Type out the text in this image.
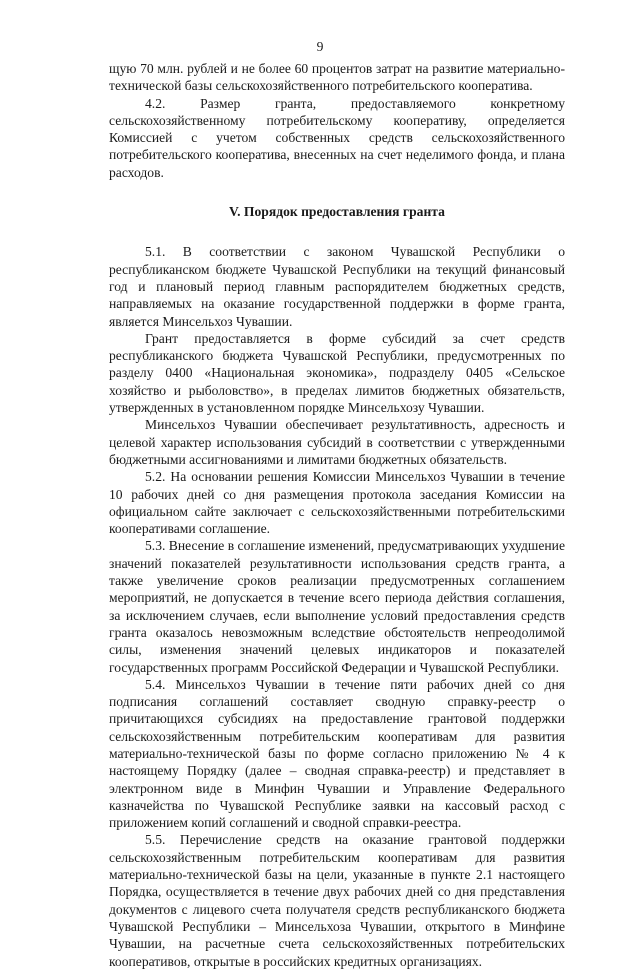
9

щую 70 млн. рублей и не более 60 процентов затрат на развитие материально-технической базы сельскохозяйственного потребительского кооператива.

4.2. Размер гранта, предоставляемого конкретному сельскохозяйственному потребительскому кооперативу, определяется Комиссией с учетом собственных средств сельскохозяйственного потребительского кооператива, внесенных на счет неделимого фонда, и плана расходов.

V. Порядок предоставления гранта

5.1. В соответствии с законом Чувашской Республики о республиканском бюджете Чувашской Республики на текущий финансовый год и плановый период главным распорядителем бюджетных средств, направляемых на оказание государственной поддержки в форме гранта, является Минсельхоз Чувашии.

Грант предоставляется в форме субсидий за счет средств республиканского бюджета Чувашской Республики, предусмотренных по разделу 0400 «Национальная экономика», подразделу 0405 «Сельское хозяйство и рыболовство», в пределах лимитов бюджетных обязательств, утвержденных в установленном порядке Минсельхозу Чувашии.

Минсельхоз Чувашии обеспечивает результативность, адресность и целевой характер использования субсидий в соответствии с утвержденными бюджетными ассигнованиями и лимитами бюджетных обязательств.

5.2. На основании решения Комиссии Минсельхоз Чувашии в течение 10 рабочих дней со дня размещения протокола заседания Комиссии на официальном сайте заключает с сельскохозяйственными потребительскими кооперативами соглашение.

5.3. Внесение в соглашение изменений, предусматривающих ухудшение значений показателей результативности использования средств гранта, а также увеличение сроков реализации предусмотренных соглашением мероприятий, не допускается в течение всего периода действия соглашения, за исключением случаев, если выполнение условий предоставления средств гранта оказалось невозможным вследствие обстоятельств непреодолимой силы, изменения значений целевых индикаторов и показателей государственных программ Российской Федерации и Чувашской Республики.

5.4. Минсельхоз Чувашии в течение пяти рабочих дней со дня подписания соглашений составляет сводную справку-реестр о причитающихся субсидиях на предоставление грантовой поддержки сельскохозяйственным потребительским кооперативам для развития материально-технической базы по форме согласно приложению № 4 к настоящему Порядку (далее – сводная справка-реестр) и представляет в электронном виде в Минфин Чувашии и Управление Федерального казначейства по Чувашской Республике заявки на кассовый расход с приложением копий соглашений и сводной справки-реестра.

5.5. Перечисление средств на оказание грантовой поддержки сельскохозяйственным потребительским кооперативам для развития материально-технической базы на цели, указанные в пункте 2.1 настоящего Порядка, осуществляется в течение двух рабочих дней со дня представления документов с лицевого счета получателя средств республиканского бюджета Чувашской Республики – Минсельхоза Чувашии, открытого в Минфине Чувашии, на расчетные счета сельскохозяйственных потребительских кооперативов, открытые в российских кредитных организациях.
